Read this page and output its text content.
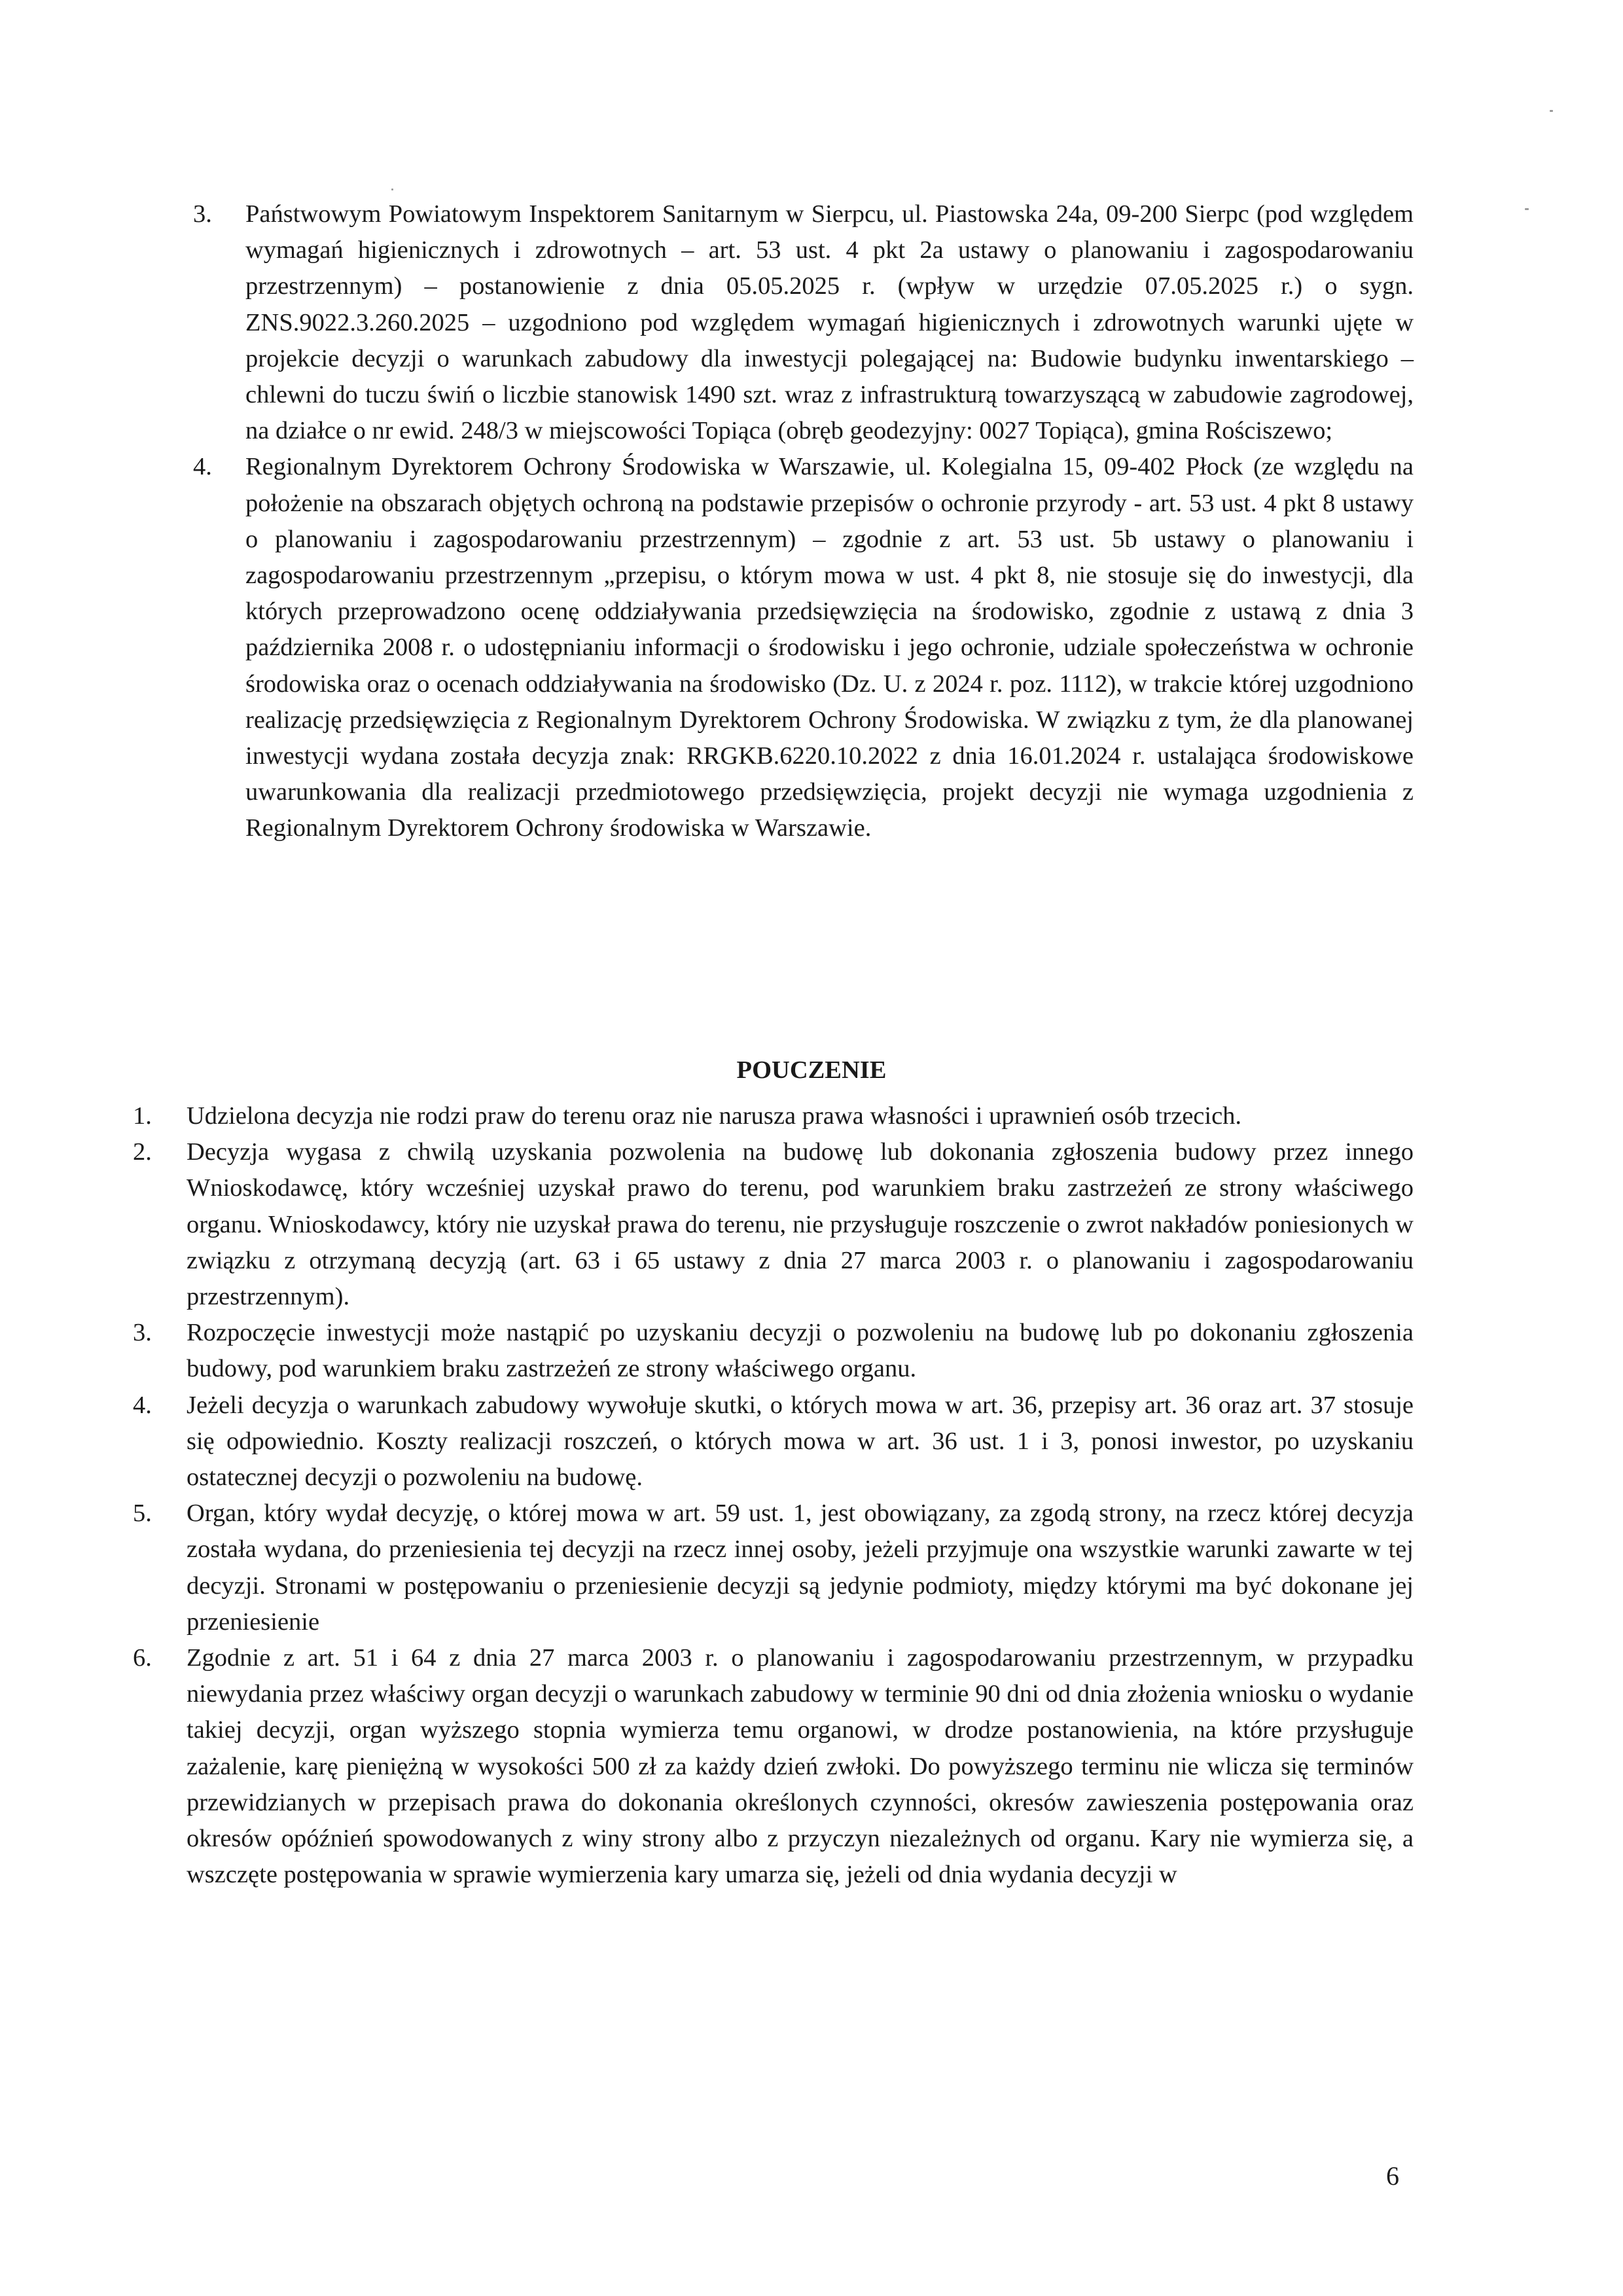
3. Państwowym Powiatowym Inspektorem Sanitarnym w Sierpcu, ul. Piastowska 24a, 09-200 Sierpc (pod względem wymagań higienicznych i zdrowotnych – art. 53 ust. 4 pkt 2a ustawy o planowaniu i zagospodarowaniu przestrzennym) – postanowienie z dnia 05.05.2025 r. (wpływ w urzędzie 07.05.2025 r.) o sygn. ZNS.9022.3.260.2025 – uzgodniono pod względem wymagań higienicznych i zdrowotnych warunki ujęte w projekcie decyzji o warunkach zabudowy dla inwestycji polegającej na: Budowie budynku inwentarskiego – chlewni do tuczu świń o liczbie stanowisk 1490 szt. wraz z infrastrukturą towarzyszącą w zabudowie zagrodowej, na działce o nr ewid. 248/3 w miejscowości Topiąca (obręb geodezyjny: 0027 Topiąca), gmina Rościszewo;
4. Regionalnym Dyrektorem Ochrony Środowiska w Warszawie, ul. Kolegialna 15, 09-402 Płock (ze względu na położenie na obszarach objętych ochroną na podstawie przepisów o ochronie przyrody - art. 53 ust. 4 pkt 8 ustawy o planowaniu i zagospodarowaniu przestrzennym) – zgodnie z art. 53 ust. 5b ustawy o planowaniu i zagospodarowaniu przestrzennym „przepisu, o którym mowa w ust. 4 pkt 8, nie stosuje się do inwestycji, dla których przeprowadzono ocenę oddziaływania przedsięwzięcia na środowisko, zgodnie z ustawą z dnia 3 października 2008 r. o udostępnianiu informacji o środowisku i jego ochronie, udziale społeczeństwa w ochronie środowiska oraz o ocenach oddziaływania na środowisko (Dz. U. z 2024 r. poz. 1112), w trakcie której uzgodniono realizację przedsięwzięcia z Regionalnym Dyrektorem Ochrony Środowiska. W związku z tym, że dla planowanej inwestycji wydana została decyzja znak: RRGKB.6220.10.2022 z dnia 16.01.2024 r. ustalająca środowiskowe uwarunkowania dla realizacji przedmiotowego przedsięwzięcia, projekt decyzji nie wymaga uzgodnienia z Regionalnym Dyrektorem Ochrony środowiska w Warszawie.
POUCZENIE
1. Udzielona decyzja nie rodzi praw do terenu oraz nie narusza prawa własności i uprawnień osób trzecich.
2. Decyzja wygasa z chwilą uzyskania pozwolenia na budowę lub dokonania zgłoszenia budowy przez innego Wnioskodawcę, który wcześniej uzyskał prawo do terenu, pod warunkiem braku zastrzeżeń ze strony właściwego organu. Wnioskodawcy, który nie uzyskał prawa do terenu, nie przysługuje roszczenie o zwrot nakładów poniesionych w związku z otrzymaną decyzją (art. 63 i 65 ustawy z dnia 27 marca 2003 r. o planowaniu i zagospodarowaniu przestrzennym).
3. Rozpoczęcie inwestycji może nastąpić po uzyskaniu decyzji o pozwoleniu na budowę lub po dokonaniu zgłoszenia budowy, pod warunkiem braku zastrzeżeń ze strony właściwego organu.
4. Jeżeli decyzja o warunkach zabudowy wywołuje skutki, o których mowa w art. 36, przepisy art. 36 oraz art. 37 stosuje się odpowiednio. Koszty realizacji roszczeń, o których mowa w art. 36 ust. 1 i 3, ponosi inwestor, po uzyskaniu ostatecznej decyzji o pozwoleniu na budowę.
5. Organ, który wydał decyzję, o której mowa w art. 59 ust. 1, jest obowiązany, za zgodą strony, na rzecz której decyzja została wydana, do przeniesienia tej decyzji na rzecz innej osoby, jeżeli przyjmuje ona wszystkie warunki zawarte w tej decyzji. Stronami w postępowaniu o przeniesienie decyzji są jedynie podmioty, między którymi ma być dokonane jej przeniesienie
6. Zgodnie z art. 51 i 64 z dnia 27 marca 2003 r. o planowaniu i zagospodarowaniu przestrzennym, w przypadku niewydania przez właściwy organ decyzji o warunkach zabudowy w terminie 90 dni od dnia złożenia wniosku o wydanie takiej decyzji, organ wyższego stopnia wymierza temu organowi, w drodze postanowienia, na które przysługuje zażalenie, karę pieniężną w wysokości 500 zł za każdy dzień zwłoki. Do powyższego terminu nie wlicza się terminów przewidzianych w przepisach prawa do dokonania określonych czynności, okresów zawieszenia postępowania oraz okresów opóźnień spowodowanych z winy strony albo z przyczyn niezależnych od organu. Kary nie wymierza się, a wszczęte postępowania w sprawie wymierzenia kary umarza się, jeżeli od dnia wydania decyzji w
6
